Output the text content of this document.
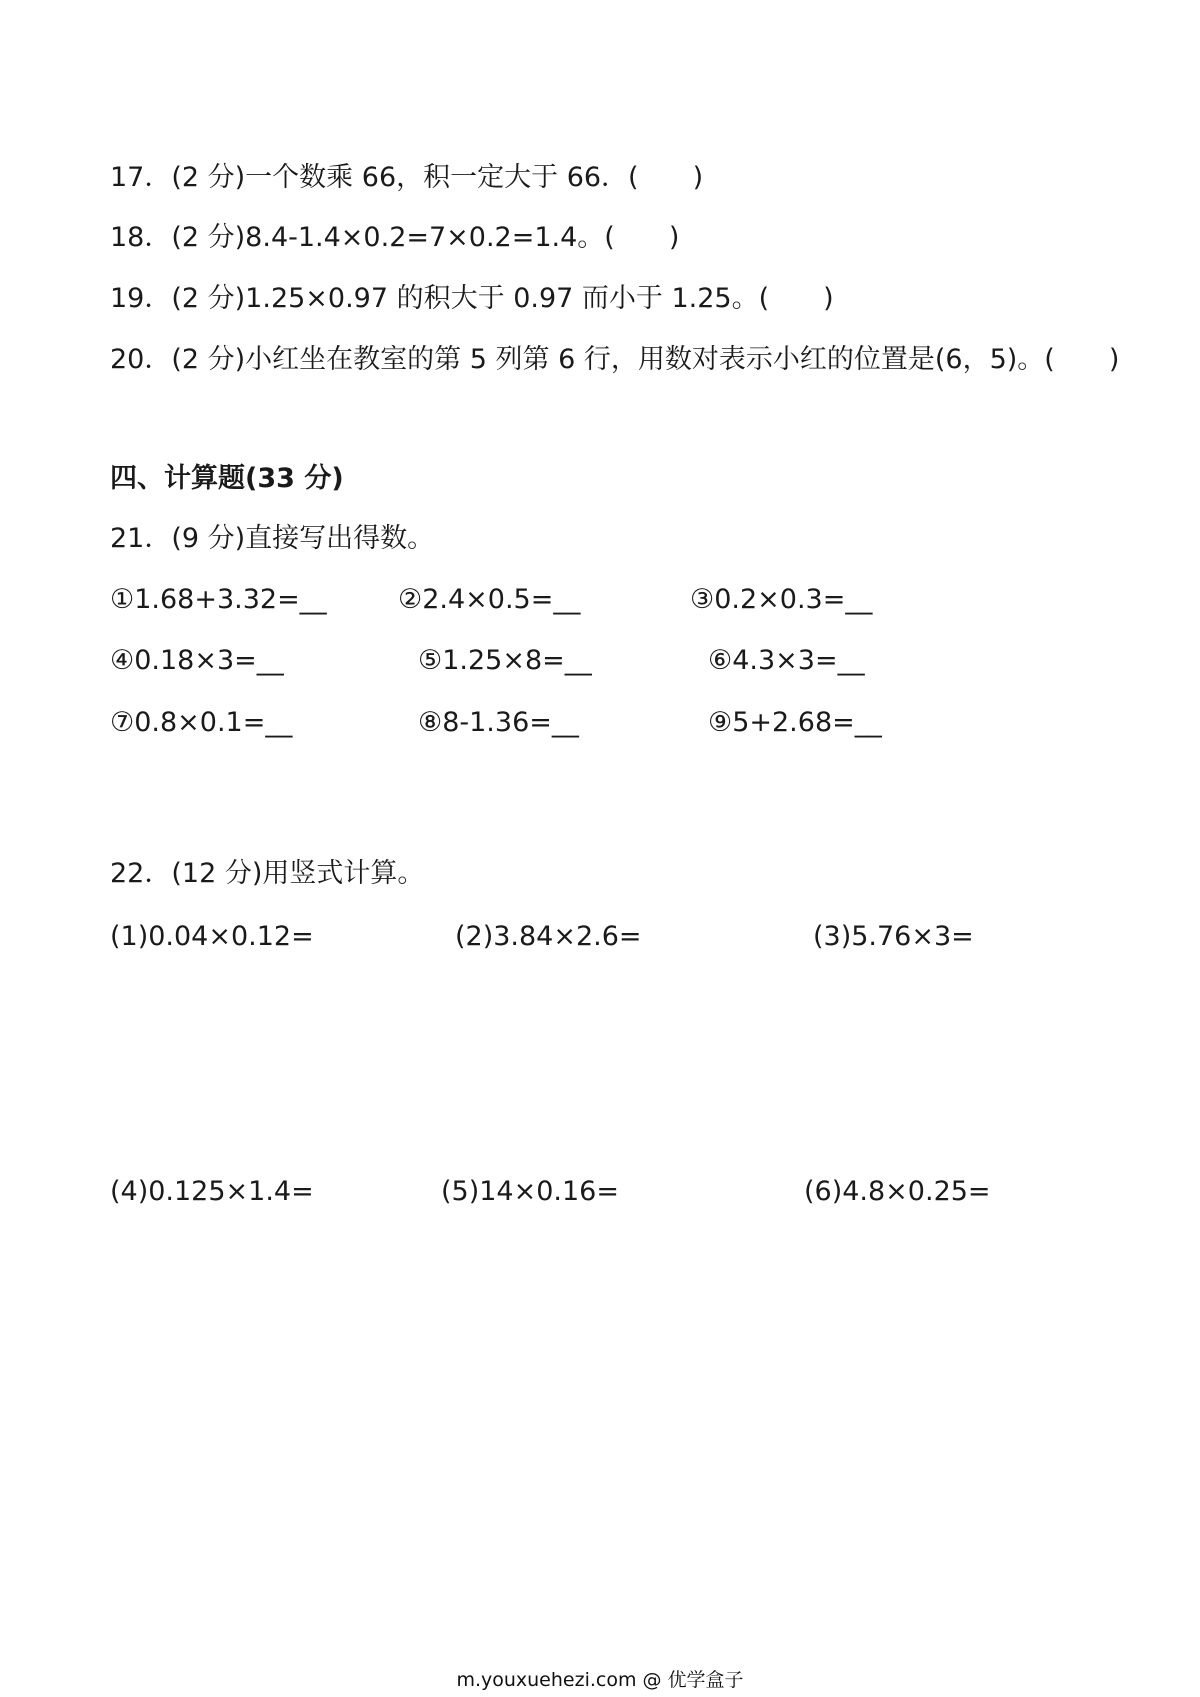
17．(2 分)一个数乘 66，积一定大于 66．(　　)
18．(2 分)8.4-1.4×0.2=7×0.2=1.4。(　　)
19．(2 分)1.25×0.97 的积大于 0.97 而小于 1.25。(　　)
20．(2 分)小红坐在教室的第 5 列第 6 行，用数对表示小红的位置是(6，5)。(　　)
四、计算题(33 分)
21．(9 分)直接写出得数。
①1.68+3.32=__	②2.4×0.5=__	③0.2×0.3=__
④0.18×3=__	⑤1.25×8=__	⑥4.3×3=__
⑦0.8×0.1=__	⑧8-1.36=__	⑨5+2.68=__
22．(12 分)用竖式计算。
(1)0.04×0.12=	(2)3.84×2.6=	(3)5.76×3=
(4)0.125×1.4=	(5)14×0.16=	(6)4.8×0.25=
m.youxuehezi.com @ 优学盒子
